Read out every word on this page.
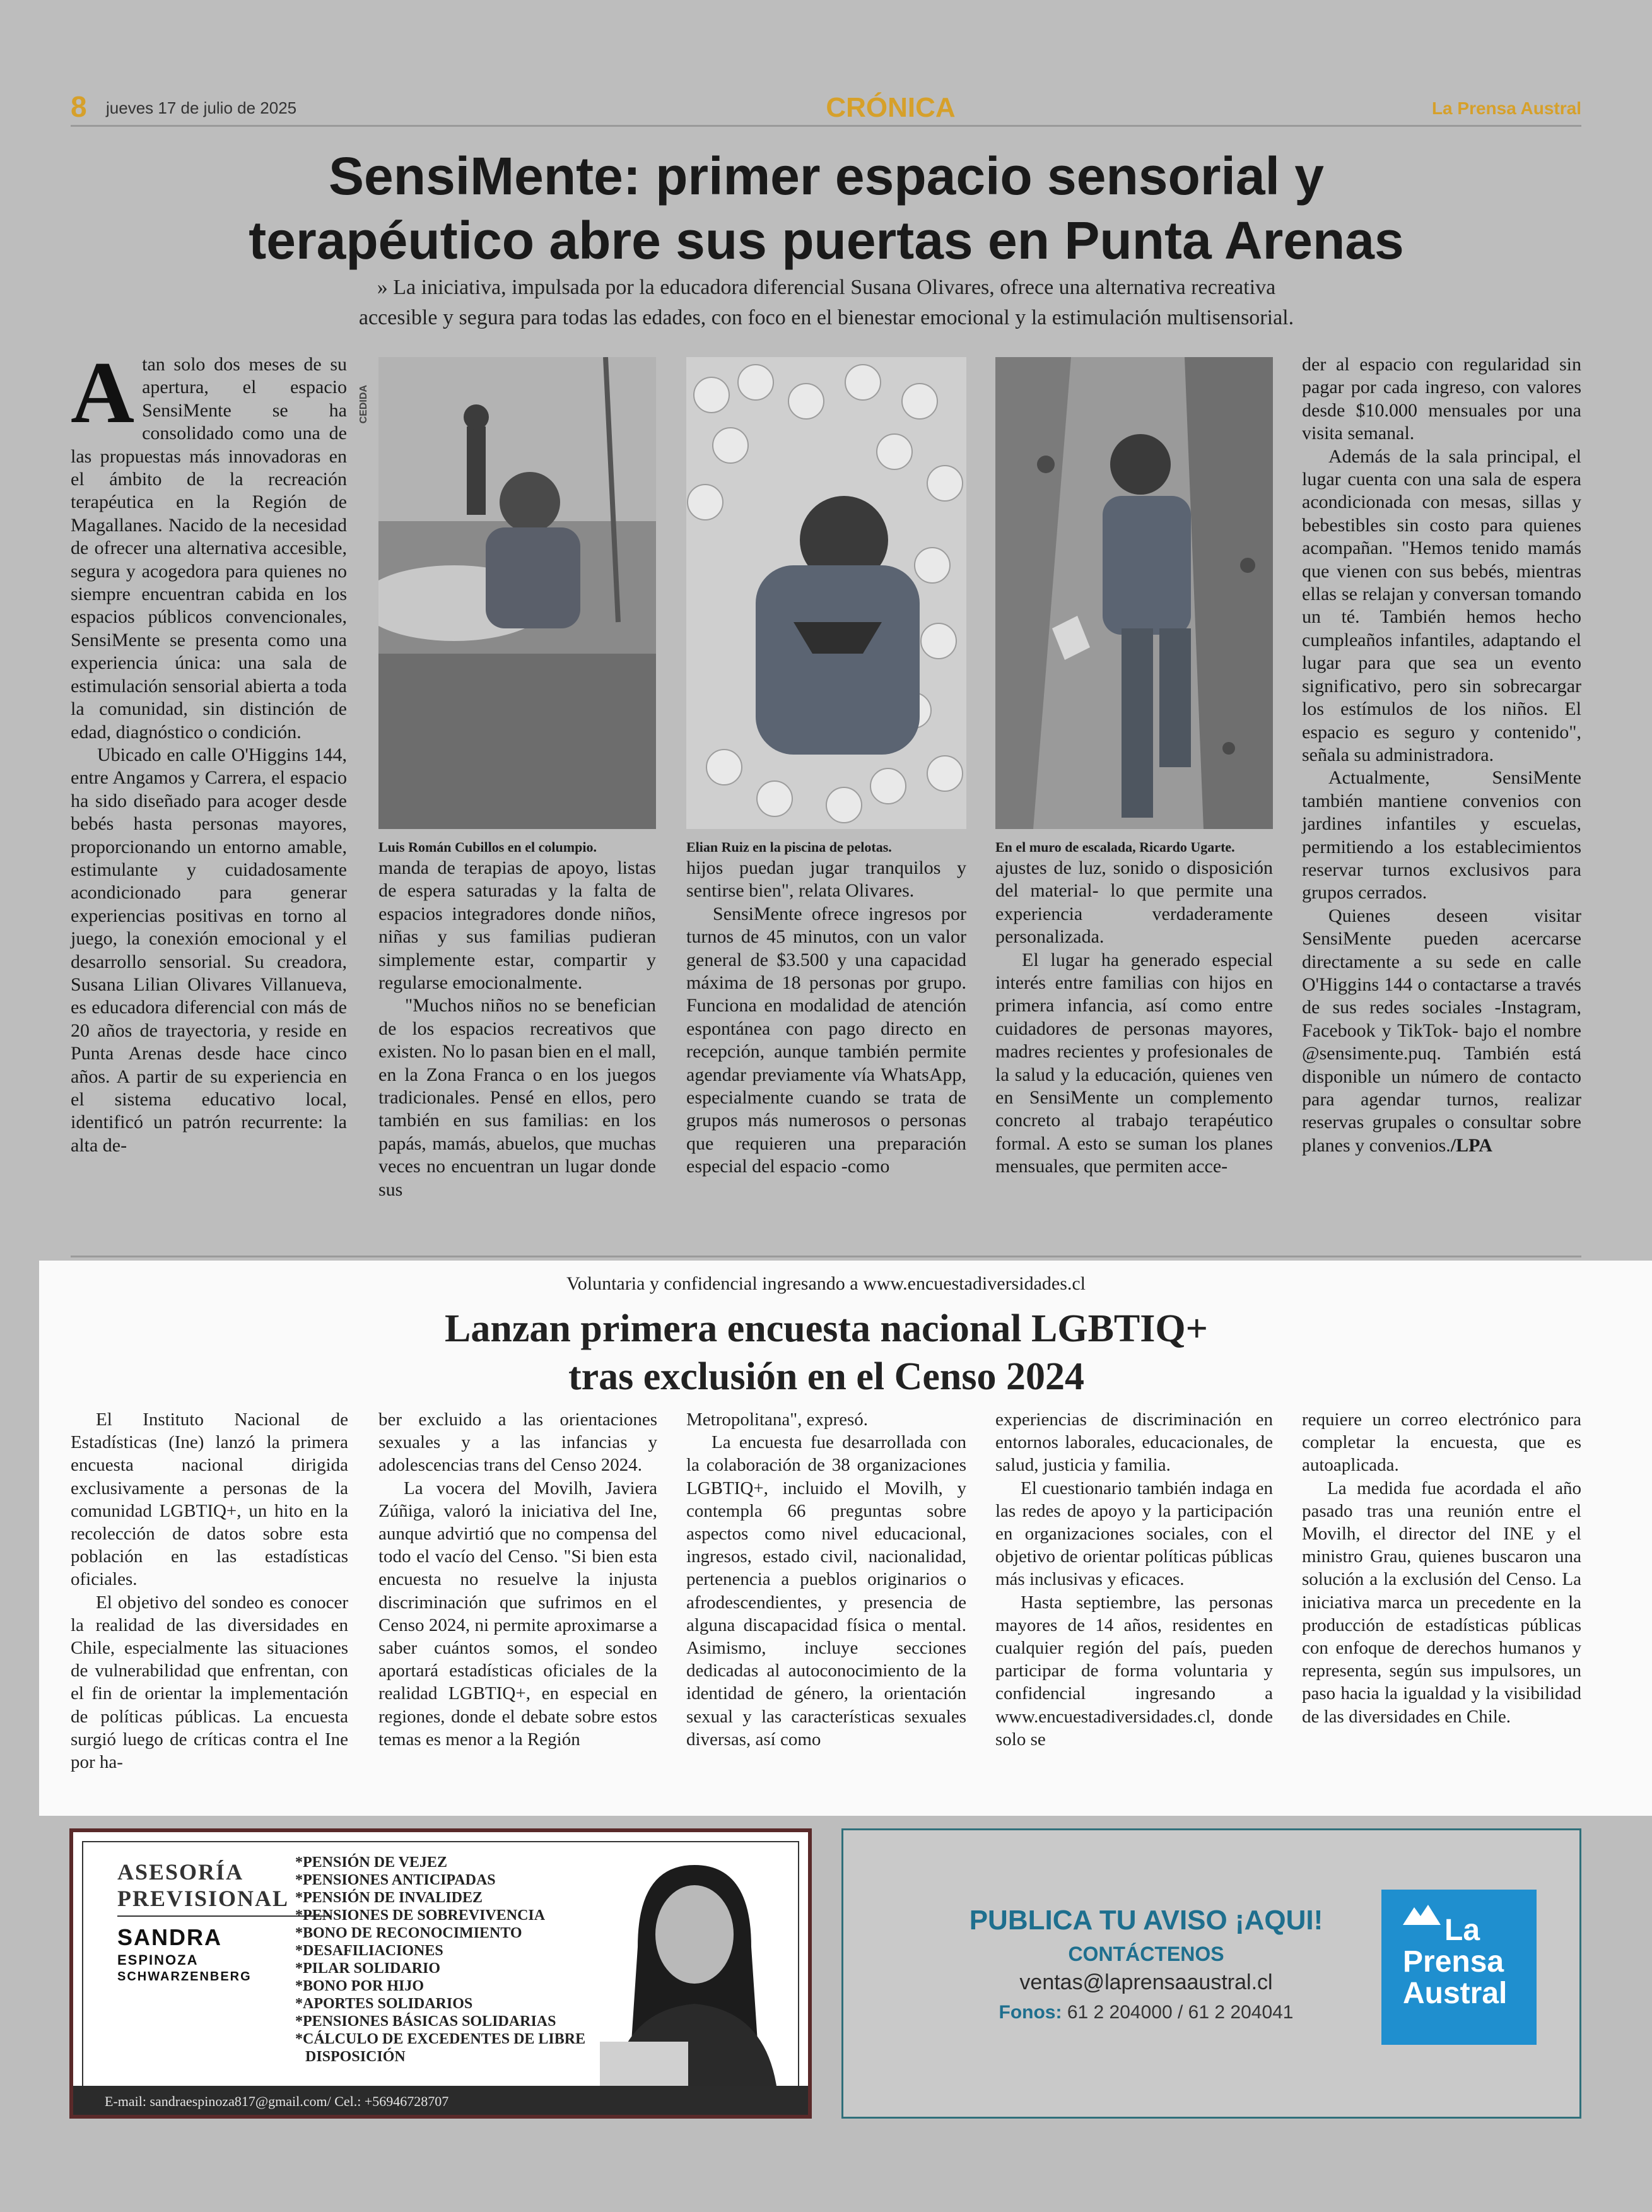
8 jueves 17 de julio de 2025	CRÓNICA	La Prensa Austral
SensiMente: primer espacio sensorial y
terapéutico abre sus puertas en Punta Arenas
» La iniciativa, impulsada por la educadora diferencial Susana Olivares, ofrece una alternativa recreativa
accesible y segura para todas las edades, con foco en el bienestar emocional y la estimulación multisensorial.
A tan solo dos meses de su apertura, el espacio SensiMente se ha consolidado como una de las propuestas más innovadoras en el ámbito de la recreación terapéutica en la Región de Magallanes. Nacido de la necesidad de ofrecer una alternativa accesible, segura y acogedora para quienes no siempre encuentran cabida en los espacios públicos convencionales, SensiMente se presenta como una experiencia única: una sala de estimulación sensorial abierta a toda la comunidad, sin distinción de edad, diagnóstico o condición.

Ubicado en calle O'Higgins 144, entre Angamos y Carrera, el espacio ha sido diseñado para acoger desde bebés hasta personas mayores, proporcionando un entorno amable, estimulante y cuidadosamente acondicionado para generar experiencias positivas en torno al juego, la conexión emocional y el desarrollo sensorial. Su creadora, Susana Lilian Olivares Villanueva, es educadora diferencial con más de 20 años de trayectoria, y reside en Punta Arenas desde hace cinco años. A partir de su experiencia en el sistema educativo local, identificó un patrón recurrente: la alta de-

Luis Román Cubillos en el columpio.
CEDIDA
Elian Ruiz en la piscina de pelotas.	En el muro de escalada, Ricardo Ugarte.

manda de terapias de apoyo, listas de espera saturadas y la falta de espacios integradores donde niños, niñas y sus familias pudieran simplemente estar, compartir y regularse emocionalmente.

"Muchos niños no se benefician de los espacios recreativos que existen. No lo pasan bien en el mall, en la Zona Franca o en los juegos tradicionales. Pensé en ellos, pero también en sus familias: en los papás, mamás, abuelos, que muchas veces no encuentran un lugar donde sus

hijos puedan jugar tranquilos y sentirse bien", relata Olivares.

SensiMente ofrece ingresos por turnos de 45 minutos, con un valor general de $3.500 y una capacidad máxima de 18 personas por grupo. Funciona en modalidad de atención espontánea con pago directo en recepción, aunque también permite agendar previamente vía WhatsApp, especialmente cuando se trata de grupos más numerosos o personas que requieren una preparación especial del espacio -como

ajustes de luz, sonido o disposición del material- lo que permite una experiencia verdaderamente personalizada.

El lugar ha generado especial interés entre familias con hijos en primera infancia, así como entre cuidadores de personas mayores, madres recientes y profesionales de la salud y la educación, quienes ven en SensiMente un complemento concreto al trabajo terapéutico formal. A esto se suman los planes mensuales, que permiten acce-

der al espacio con regularidad sin pagar por cada ingreso, con valores desde $10.000 mensuales por una visita semanal.

Además de la sala principal, el lugar cuenta con una sala de espera acondicionada con mesas, sillas y bebestibles sin costo para quienes acompañan. "Hemos tenido mamás que vienen con sus bebés, mientras ellas se relajan y conversan tomando un té. También hemos hecho cumpleaños infantiles, adaptando el lugar para que sea un evento significativo, pero sin sobrecargar los estímulos de los niños. El espacio es seguro y contenido", señala su administradora.

Actualmente, SensiMente también mantiene convenios con jardines infantiles y escuelas, permitiendo a los establecimientos reservar turnos exclusivos para grupos cerrados.

Quienes deseen visitar SensiMente pueden acercarse directamente a su sede en calle O'Higgins 144 o contactarse a través de sus redes sociales -Instagram, Facebook y TikTok- bajo el nombre @sensimente.puq. También está disponible un número de contacto para agendar turnos, realizar reservas grupales o consultar sobre planes y convenios./LPA

Voluntaria y confidencial ingresando a www.encuestadiversidades.cl
Lanzan primera encuesta nacional LGBTIQ+
tras exclusión en el Censo 2024

El Instituto Nacional de Estadísticas (Ine) lanzó la primera encuesta nacional dirigida exclusivamente a personas de la comunidad LGBTIQ+, un hito en la recolección de datos sobre esta población en las estadísticas oficiales.

El objetivo del sondeo es conocer la realidad de las diversidades en Chile, especialmente las situaciones de vulnerabilidad que enfrentan, con el fin de orientar la implementación de políticas públicas. La encuesta surgió luego de críticas contra el Ine por ha-

ber excluido a las orientaciones sexuales y a las infancias y adolescencias trans del Censo 2024.

La vocera del Movilh, Javiera Zúñiga, valoró la iniciativa del Ine, aunque advirtió que no compensa del todo el vacío del Censo. "Si bien esta encuesta no resuelve la injusta discriminación que sufrimos en el Censo 2024, ni permite aproximarse a saber cuántos somos, el sondeo aportará estadísticas oficiales de la realidad LGBTIQ+, en especial en regiones, donde el debate sobre estos temas es menor a la Región

Metropolitana", expresó.

La encuesta fue desarrollada con la colaboración de 38 organizaciones LGBTIQ+, incluido el Movilh, y contempla 66 preguntas sobre aspectos como nivel educacional, ingresos, estado civil, nacionalidad, pertenencia a pueblos originarios o afrodescendientes, y presencia de alguna discapacidad física o mental. Asimismo, incluye secciones dedicadas al autoconocimiento de la identidad de género, la orientación sexual y las características sexuales diversas, así como

experiencias de discriminación en entornos laborales, educacionales, de salud, justicia y familia.

El cuestionario también indaga en las redes de apoyo y la participación en organizaciones sociales, con el objetivo de orientar políticas públicas más inclusivas y eficaces.

Hasta septiembre, las personas mayores de 14 años, residentes en cualquier región del país, pueden participar de forma voluntaria y confidencial ingresando a www.encuestadiversidades.cl, donde solo se

requiere un correo electrónico para completar la encuesta, que es autoaplicada.

La medida fue acordada el año pasado tras una reunión entre el Movilh, el director del INE y el ministro Grau, quienes buscaron una solución a la exclusión del Censo. La iniciativa marca un precedente en la producción de estadísticas públicas con enfoque de derechos humanos y representa, según sus impulsores, un paso hacia la igualdad y la visibilidad de las diversidades en Chile.

ASESORÍA
PREVISIONAL
SANDRA
ESPINOZA
SCHWARZENBERG
*PENSIÓN DE VEJEZ
*PENSIONES ANTICIPADAS
*PENSIÓN DE INVALIDEZ
*PENSIONES DE SOBREVIVENCIA
*BONO DE RECONOCIMIENTO
*DESAFILIACIONES
*PILAR SOLIDARIO
*BONO POR HIJO
*APORTES SOLIDARIOS
*PENSIONES BÁSICAS SOLIDARIAS
*CÁLCULO DE EXCEDENTES DE LIBRE
DISPOSICIÓN
E-mail: sandraespinoza817@gmail.com/ Cel.: +56946728707
PUBLICA TU AVISO ¡AQUI!
CONTÁCTENOS
ventas@laprensaaustral.cl
Fonos: 61 2 204000 / 61 2 204041
La
Prensa
Austral
